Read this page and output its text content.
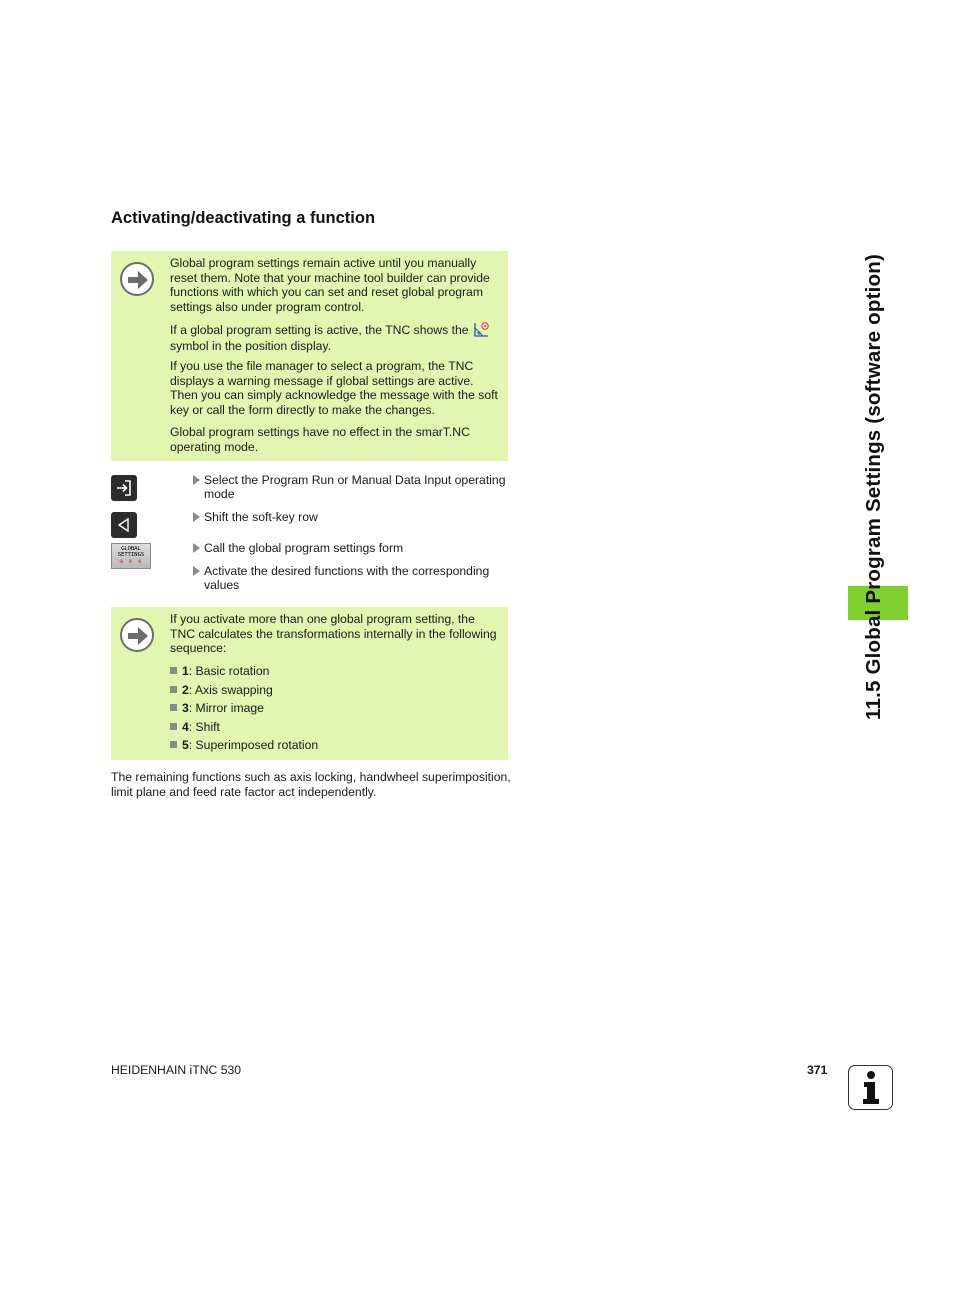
Activating/deactivating a function

Global program settings remain active until you manually reset them. Note that your machine tool builder can provide functions with which you can set and reset global program settings also under program control.

If a global program setting is active, the TNC shows thesymbol in the position display.

If you use the file manager to select a program, the TNC displays a warning message if global settings are active. Then you can simply acknowledge the message with the soft key or call the form directly to make the changes.

Global program settings have no effect in the smarT.NC operating mode.

GLOBAL
SETTINGS
⊕ ⊕ ⊕

Select the Program Run or Manual Data Input operating mode

Shift the soft-key row

Call the global program settings form

Activate the desired functions with the corresponding values

If you activate more than one global program setting, the TNC calculates the transformations internally in the following sequence:

1: Basic rotation
2: Axis swapping
3: Mirror image
4: Shift
5: Superimposed rotation

The remaining functions such as axis locking, handwheel superimposition, limit plane and feed rate factor act independently.

11.5 Global Program Settings (software option)
HEIDENHAIN iTNC 530	371
